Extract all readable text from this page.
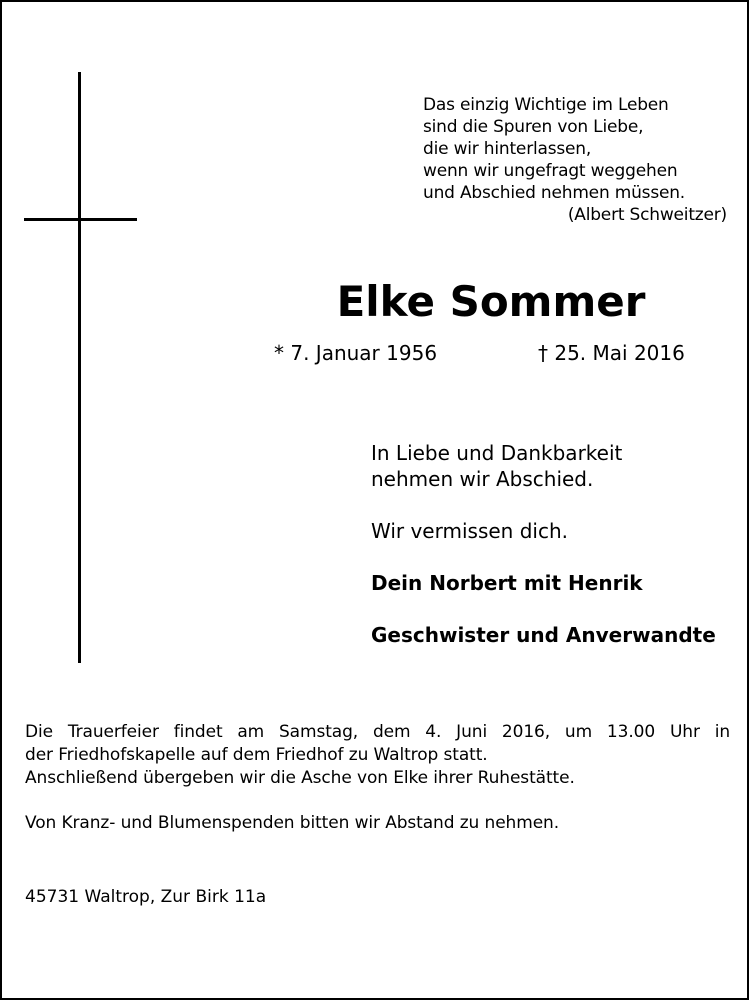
Das einzig Wichtige im Leben
sind die Spuren von Liebe,
die wir hinterlassen,
wenn wir ungefragt weggehen
und Abschied nehmen müssen.
(Albert Schweitzer)
Elke Sommer
* 7. Januar 1956	† 25. Mai 2016
In Liebe und Dankbarkeit
nehmen wir Abschied.
Wir vermissen dich.
Dein Norbert mit Henrik
Geschwister und Anverwandte
Die Trauerfeier findet am Samstag, dem 4. Juni 2016, um 13.00 Uhr in
der Friedhofskapelle auf dem Friedhof zu Waltrop statt.
Anschließend übergeben wir die Asche von Elke ihrer Ruhestätte.
Von Kranz- und Blumenspenden bitten wir Abstand zu nehmen.
45731 Waltrop, Zur Birk 11a
